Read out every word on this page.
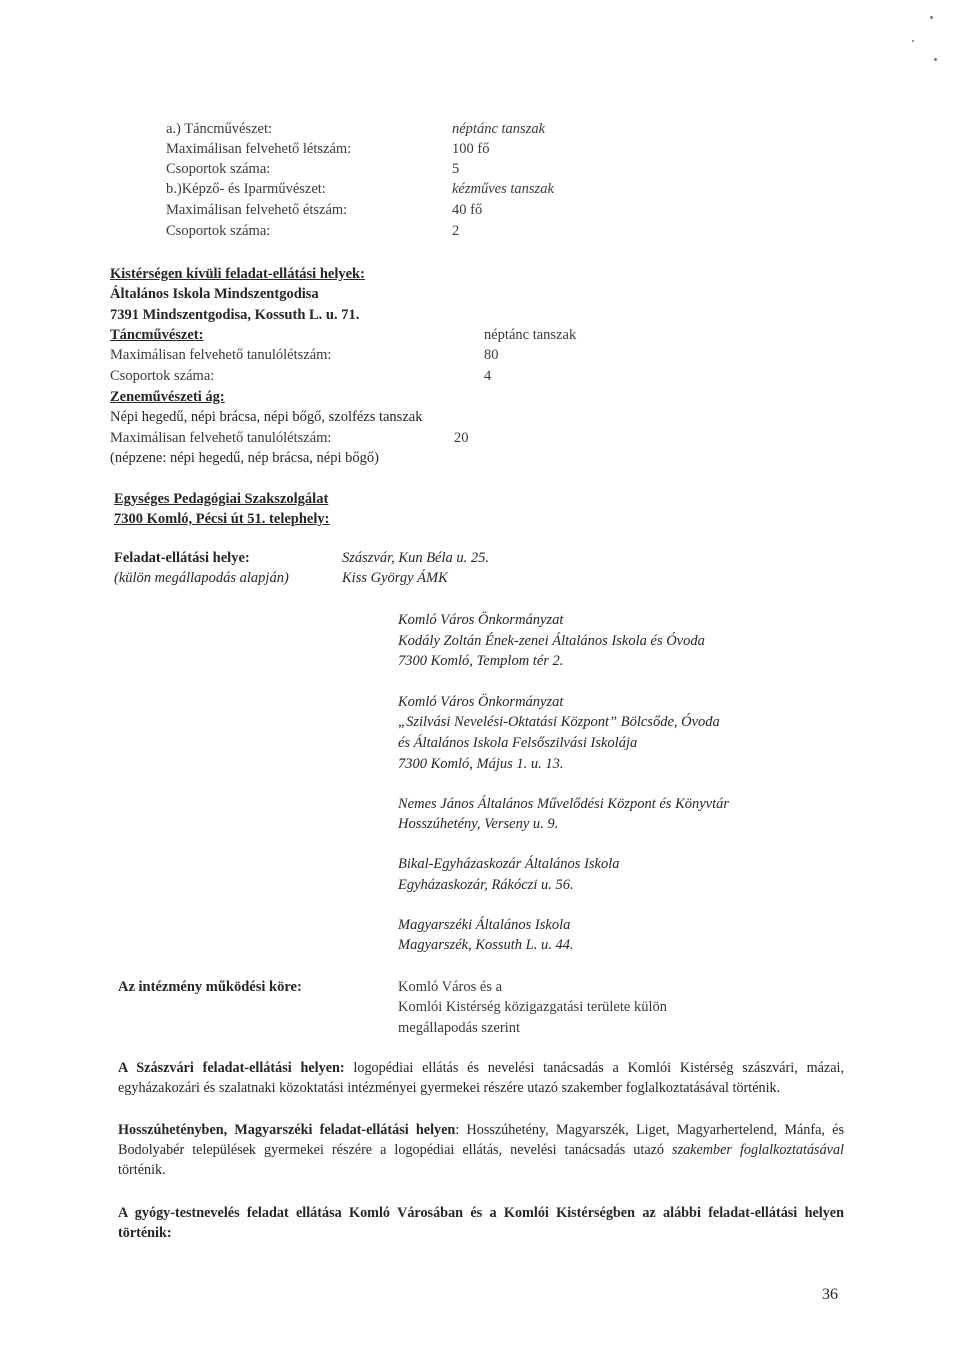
a.) Táncművészet:	néptánc tanszak
Maximálisan felvehető létszám:	100 fő
Csoportok száma:	5
b.)Képző- és Iparművészet:	kézműves tanszak
Maximálisan felvehető étszám:	40 fő
Csoportok száma:	2
Kistérségen kívüli feladat-ellátási helyek:
Általános Iskola Mindszentgodisa
7391 Mindszentgodisa, Kossuth L. u. 71.
Táncművészet:	néptánc tanszak
Maximálisan felvehető tanulólétszám:	80
Csoportok száma:	4
Zeneművészeti ág:
Népi hegedű, népi brácsa, népi bőgő, szolfézs tanszak
Maximálisan felvehető tanulólétszám:	20
(népzene: népi hegedű, nép brácsa, népi bőgő)
Egységes Pedagógiai Szakszolgálat
7300 Komló, Pécsi út 51. telephely:
Feladat-ellátási helye:	Szászvár, Kun Béla u. 25.
(külön megállapodás alapján)	Kiss György ÁMK
Komló Város Önkormányzat
Kodály Zoltán Ének-zenei Általános Iskola és Óvoda
7300 Komló, Templom tér 2.
Komló Város Önkormányzat
„Szilvási Nevelési-Oktatási Központ” Bölcsőde, Óvoda
és Általános Iskola Felsőszilvási Iskolája
7300 Komló, Május 1. u. 13.
Nemes János Általános Művelődési Központ és Könyvtár
Hosszúhetény, Verseny u. 9.
Bikal-Egyházaskozár Általános Iskola
Egyházaskozár, Rákóczi u. 56.
Magyarszéki Általános Iskola
Magyarszék, Kossuth L. u. 44.
Az intézmény működési köre:	Komló Város és a
Komlói Kistérség közigazgatási területe külön
megállapodás szerint
A Szászvári feladat-ellátási helyen: logopédiai ellátás és nevelési tanácsadás a Komlói Kistérség szászvári, mázai, egyházakozári és szalatnaki közoktatási intézményei gyermekei részére utazó szakember foglalkoztatásával történik.
Hosszúhetényben, Magyarszéki feladat-ellátási helyen: Hosszúhetény, Magyarszék, Liget, Magyarhertelend, Mánfa, és Bodolyabér települések gyermekei részére a logopédiai ellátás, nevelési tanácsadás utazó szakember foglalkoztatásával történik.
A gyógy-testnevelés feladat ellátása Komló Városában és a Komlói Kistérségben az alábbi feladat-ellátási helyen történik:
36
